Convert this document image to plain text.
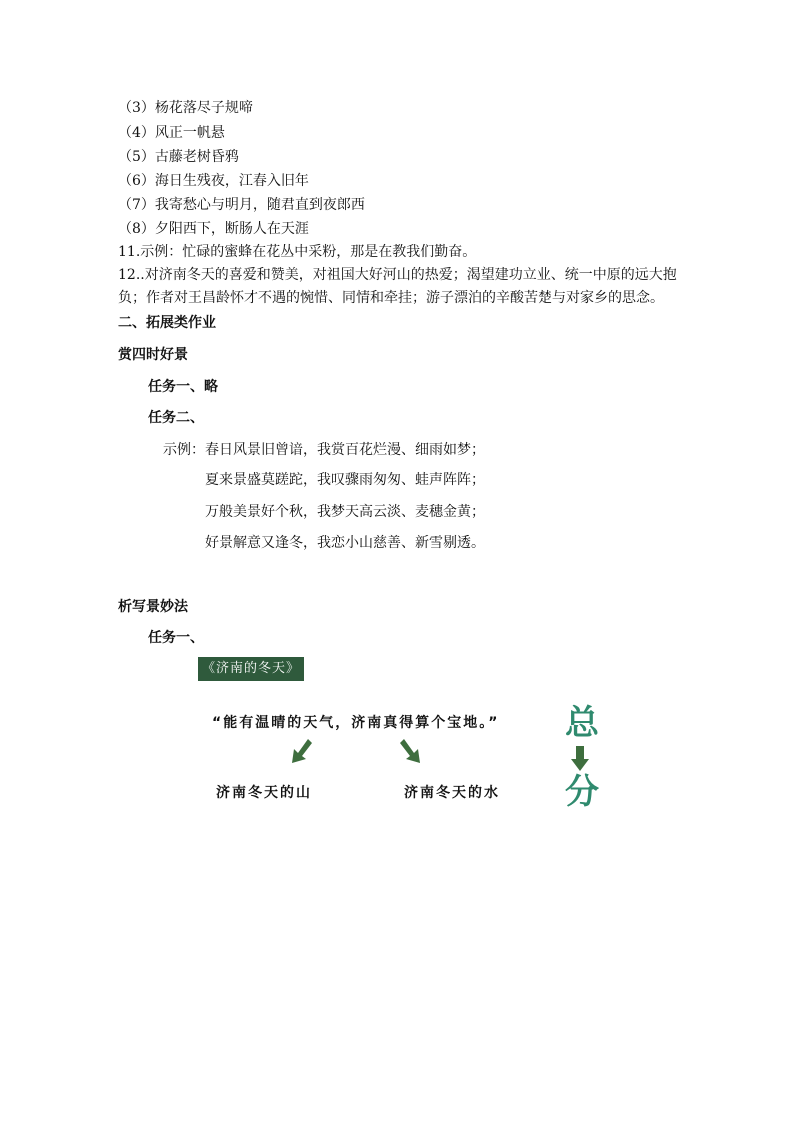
（3）杨花落尽子规啼
（4）风正一帆悬
（5）古藤老树昏鸦
（6）海日生残夜，江春入旧年
（7）我寄愁心与明月，随君直到夜郎西
（8）夕阳西下，断肠人在天涯
11.示例：忙碌的蜜蜂在花丛中采粉，那是在教我们勤奋。
12..对济南冬天的喜爱和赞美，对祖国大好河山的热爱；渴望建功立业、统一中原的远大抱
负；作者对王昌龄怀才不遇的惋惜、同情和牵挂；游子漂泊的辛酸苦楚与对家乡的思念。
二、拓展类作业
赏四时好景
任务一、略
任务二、
示例：春日风景旧曾谙，我赏百花烂漫、细雨如梦；
夏来景盛莫蹉跎，我叹骤雨匆匆、蛙声阵阵；
万般美景好个秋，我梦天高云淡、麦穗金黄；
好景解意又逢冬，我恋小山慈善、新雪剔透。
析写景妙法
任务一、
《济南的冬天》
“能有温晴的天气，济南真得算个宝地。”
济南冬天的山	济南冬天的水
总
分
